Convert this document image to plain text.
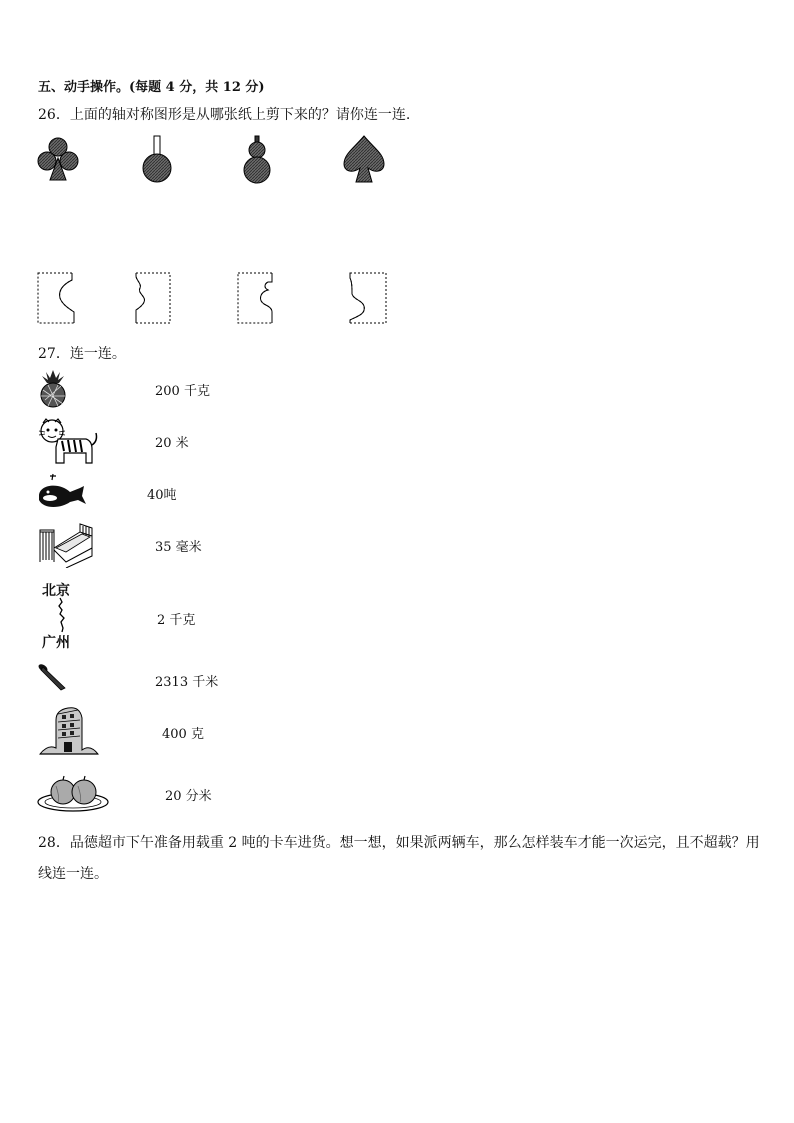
五、动手操作。(每题 4 分，共 12 分)
26．上面的轴对称图形是从哪张纸上剪下来的？请你连一连.
27．连一连。
200 千克
20 米
40吨
35 毫米
北京
广州
2 千克
2313 千米
400 克
20 分米
28．品德超市下午准备用载重 2 吨的卡车进货。想一想，如果派两辆车，那么怎样装车才能一次运完，且不超载？用
线连一连。
